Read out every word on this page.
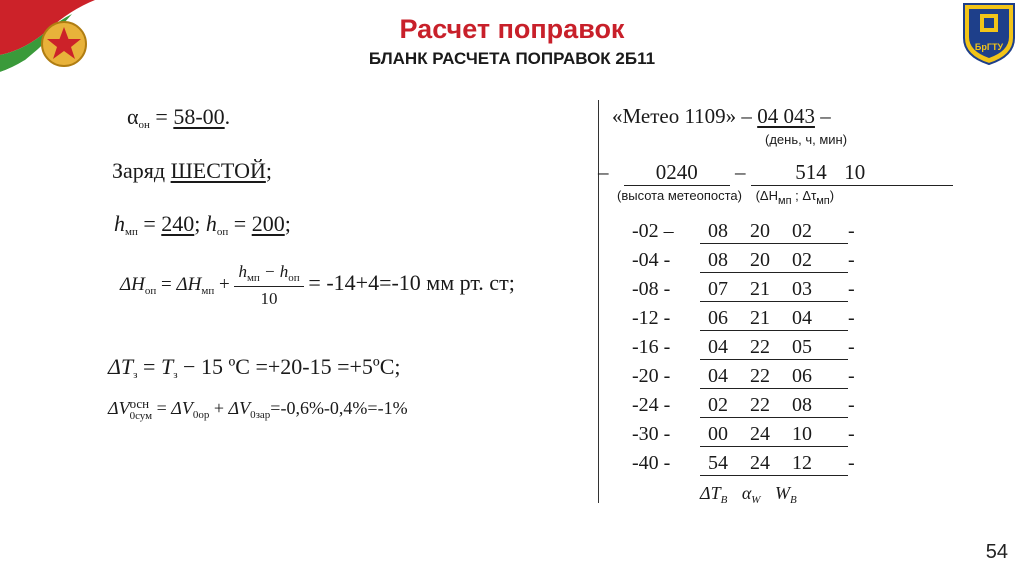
БрГТУ
Расчет поправок
БЛАНК РАСЧЕТА ПОПРАВОК 2Б11
$\alpha_{он} = 58-00$.
Заряд ШЕСТОЙ;
$h_{мп} = 240$; $h_{оп} = 200$;
$\Delta H_{оп} = \Delta H_{мп} + \frac{h_{мп} - h_{оп}}{10} = -14+4=-10$ мм рт. ст;
$\Delta T_з = T_з - 15$ ºС =+20-15 =+5ºС;
ΔV осн
$0сум = \Delta V_{0ор} + \Delta V_{0зар}=-0,6\%-0,4\%=-1\%$
«Метео 1109» – 04 043 –
(день, ч, мин)
– 0240 – 514 10
(высота метеопоста) ($\Delta Н_{мп}$ ; $\Delta\tau_{мп}$)
-02 – 08 20 02 -
-04 - 08 20 02 -
-08 - 07 21 03 -
-12 - 06 21 04 -
-16 - 04 22 05 -
-20 - 04 22 06 -
-24 - 02 22 08 -
-30 - 00 24 10 -
-40 - 54 24 12 -
$\Delta T_B$ $\alpha_W$ $W_B$
54
